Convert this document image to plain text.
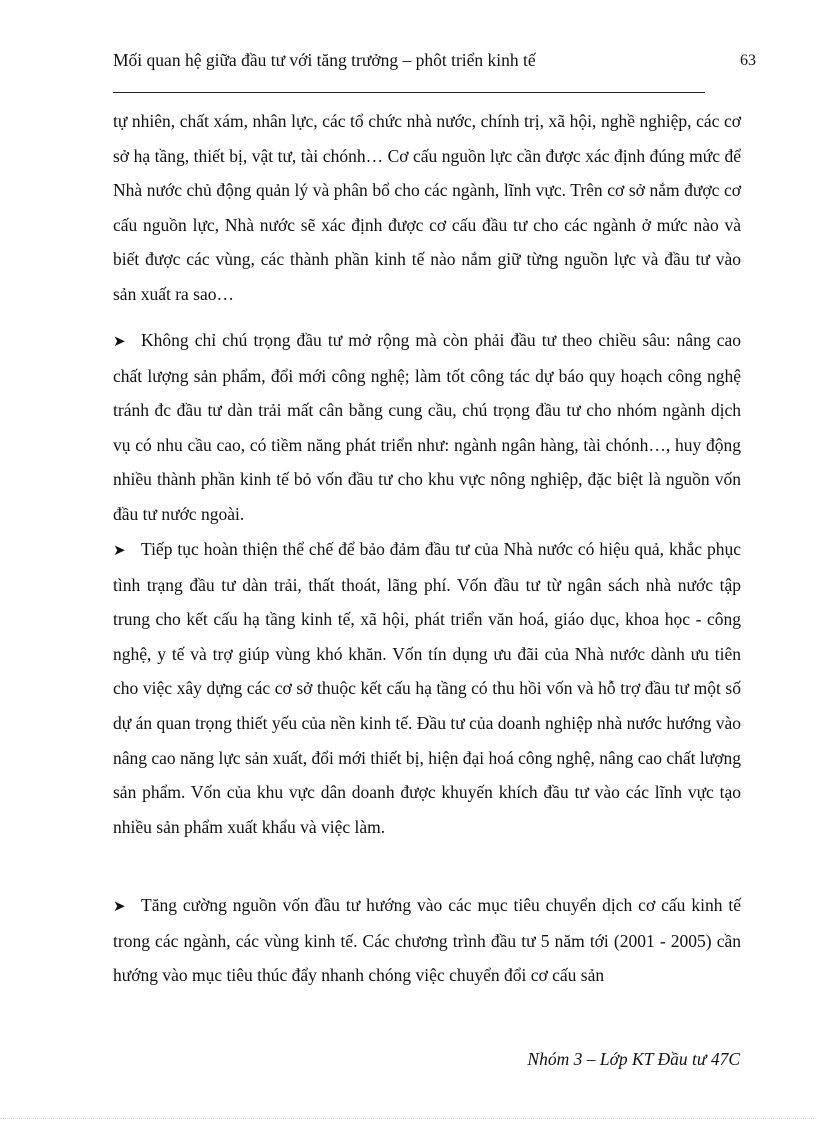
Mối quan hệ giữa đầu tư với tăng trưởng – phôt triển kinh tế	63
tự nhiên, chất xám, nhân lực, các tổ chức nhà nước, chính trị, xã hội, nghề nghiệp, các cơ sở hạ tầng, thiết bị, vật tư, tài chónh… Cơ cấu nguồn lực cần được xác định đúng mức để Nhà nước chủ động quản lý và phân bổ cho các ngành, lĩnh vực. Trên cơ sở nắm được cơ cấu nguồn lực, Nhà nước sẽ xác định được cơ cấu đầu tư cho các ngành ở mức nào và biết được các vùng, các thành phần kinh tế nào nắm giữ từng nguồn lực và đầu tư vào sản xuất ra sao…
➤ Không chỉ chú trọng đầu tư mở rộng mà còn phải đầu tư theo chiều sâu: nâng cao chất lượng sản phẩm, đổi mới công nghệ; làm tốt công tác dự báo quy hoạch công nghệ tránh đc đầu tư dàn trải mất cân bằng cung cầu, chú trọng đầu tư cho nhóm ngành dịch vụ có nhu cầu cao, có tiềm năng phát triển như: ngành ngân hàng, tài chónh…, huy động nhiều thành phần kinh tế bỏ vốn đầu tư cho khu vực nông nghiệp, đặc biệt là nguồn vốn đầu tư nước ngoài.
➤ Tiếp tục hoàn thiện thể chế để bảo đảm đầu tư của Nhà nước có hiệu quả, khắc phục tình trạng đầu tư dàn trải, thất thoát, lãng phí. Vốn đầu tư từ ngân sách nhà nước tập trung cho kết cấu hạ tầng kinh tế, xã hội, phát triển văn hoá, giáo dục, khoa học - công nghệ, y tế và trợ giúp vùng khó khăn. Vốn tín dụng ưu đãi của Nhà nước dành ưu tiên cho việc xây dựng các cơ sở thuộc kết cấu hạ tầng có thu hồi vốn và hỗ trợ đầu tư một số dự án quan trọng thiết yếu của nền kinh tế. Đầu tư của doanh nghiệp nhà nước hướng vào nâng cao năng lực sản xuất, đổi mới thiết bị, hiện đại hoá công nghệ, nâng cao chất lượng sản phẩm. Vốn của khu vực dân doanh được khuyến khích đầu tư vào các lĩnh vực tạo nhiều sản phẩm xuất khẩu và việc làm.
➤ Tăng cường nguồn vốn đầu tư hướng vào các mục tiêu chuyển dịch cơ cấu kinh tế trong các ngành, các vùng kinh tế. Các chương trình đầu tư 5 năm tới (2001 - 2005) cần hướng vào mục tiêu thúc đẩy nhanh chóng việc chuyển đổi cơ cấu sản
Nhóm 3 – Lớp KT Đầu tư 47C
